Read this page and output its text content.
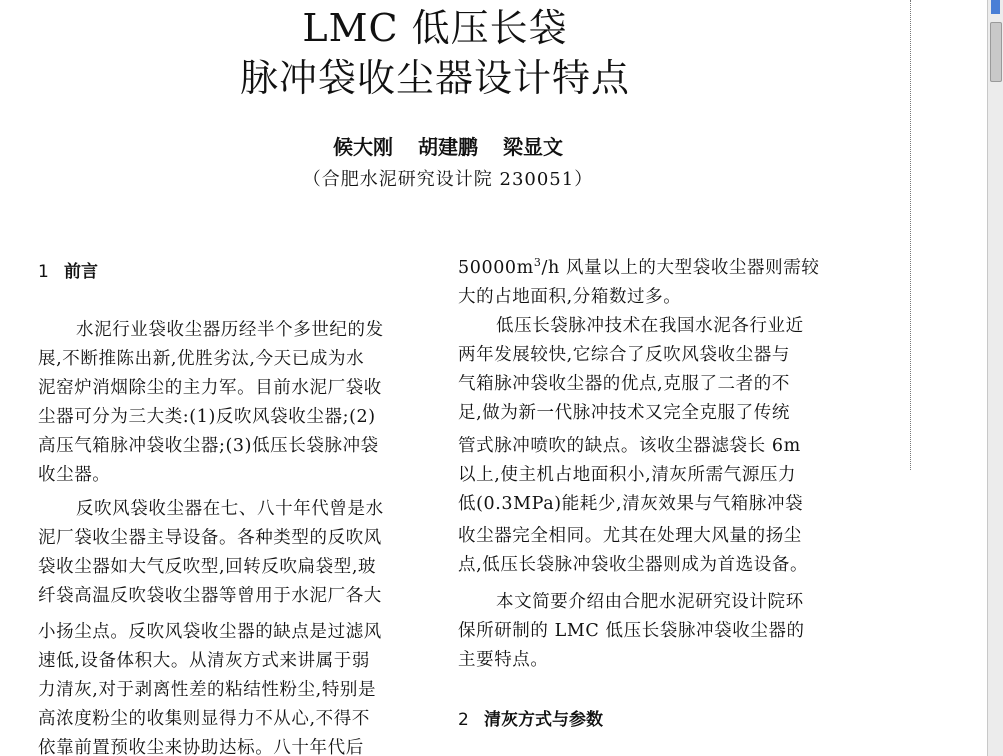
LMC 低压长袋
脉冲袋收尘器设计特点
候大刚 胡建鹏 梁显文
（合肥水泥研究设计院 230051）
1 前言
水泥行业袋收尘器历经半个多世纪的发
展,不断推陈出新,优胜劣汰,今天已成为水
泥窑炉消烟除尘的主力军。目前水泥厂袋收
尘器可分为三大类:(1)反吹风袋收尘器;(2)
高压气箱脉冲袋收尘器;(3)低压长袋脉冲袋
收尘器。
反吹风袋收尘器在七、八十年代曾是水
泥厂袋收尘器主导设备。各种类型的反吹风
袋收尘器如大气反吹型,回转反吹扁袋型,玻
纤袋高温反吹袋收尘器等曾用于水泥厂各大
小扬尘点。反吹风袋收尘器的缺点是过滤风
速低,设备体积大。从清灰方式来讲属于弱
力清灰,对于剥离性差的粘结性粉尘,特别是
高浓度粉尘的收集则显得力不从心,不得不
依靠前置预收尘来协助达标。八十年代后
$50000m^3/h$ 风量以上的大型袋收尘器则需较
大的占地面积,分箱数过多。
低压长袋脉冲技术在我国水泥各行业近
两年发展较快,它综合了反吹风袋收尘器与
气箱脉冲袋收尘器的优点,克服了二者的不
足,做为新一代脉冲技术又完全克服了传统
管式脉冲喷吹的缺点。该收尘器滤袋长 6m
以上,使主机占地面积小,清灰所需气源压力
低(0.3MPa)能耗少,清灰效果与气箱脉冲袋
收尘器完全相同。尤其在处理大风量的扬尘
点,低压长袋脉冲袋收尘器则成为首选设备。
本文简要介绍由合肥水泥研究设计院环
保所研制的 LMC 低压长袋脉冲袋收尘器的
主要特点。
2 清灰方式与参数
